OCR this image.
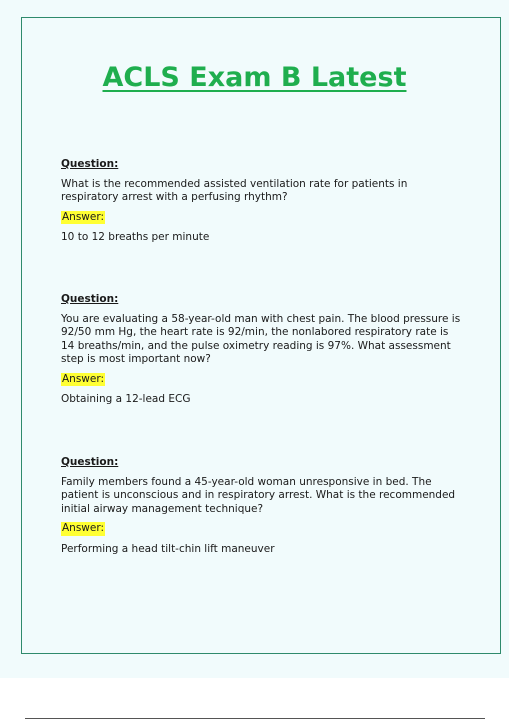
ACLS Exam B Latest
Question:
What is the recommended assisted ventilation rate for patients in respiratory arrest with a perfusing rhythm?
Answer:
10 to 12 breaths per minute
Question:
You are evaluating a 58-year-old man with chest pain. The blood pressure is 92/50 mm Hg, the heart rate is 92/min, the nonlabored respiratory rate is 14 breaths/min, and the pulse oximetry reading is 97%. What assessment step is most important now?
Answer:
Obtaining a 12-lead ECG
Question:
Family members found a 45-year-old woman unresponsive in bed. The patient is unconscious and in respiratory arrest. What is the recommended initial airway management technique?
Answer:
Performing a head tilt-chin lift maneuver
